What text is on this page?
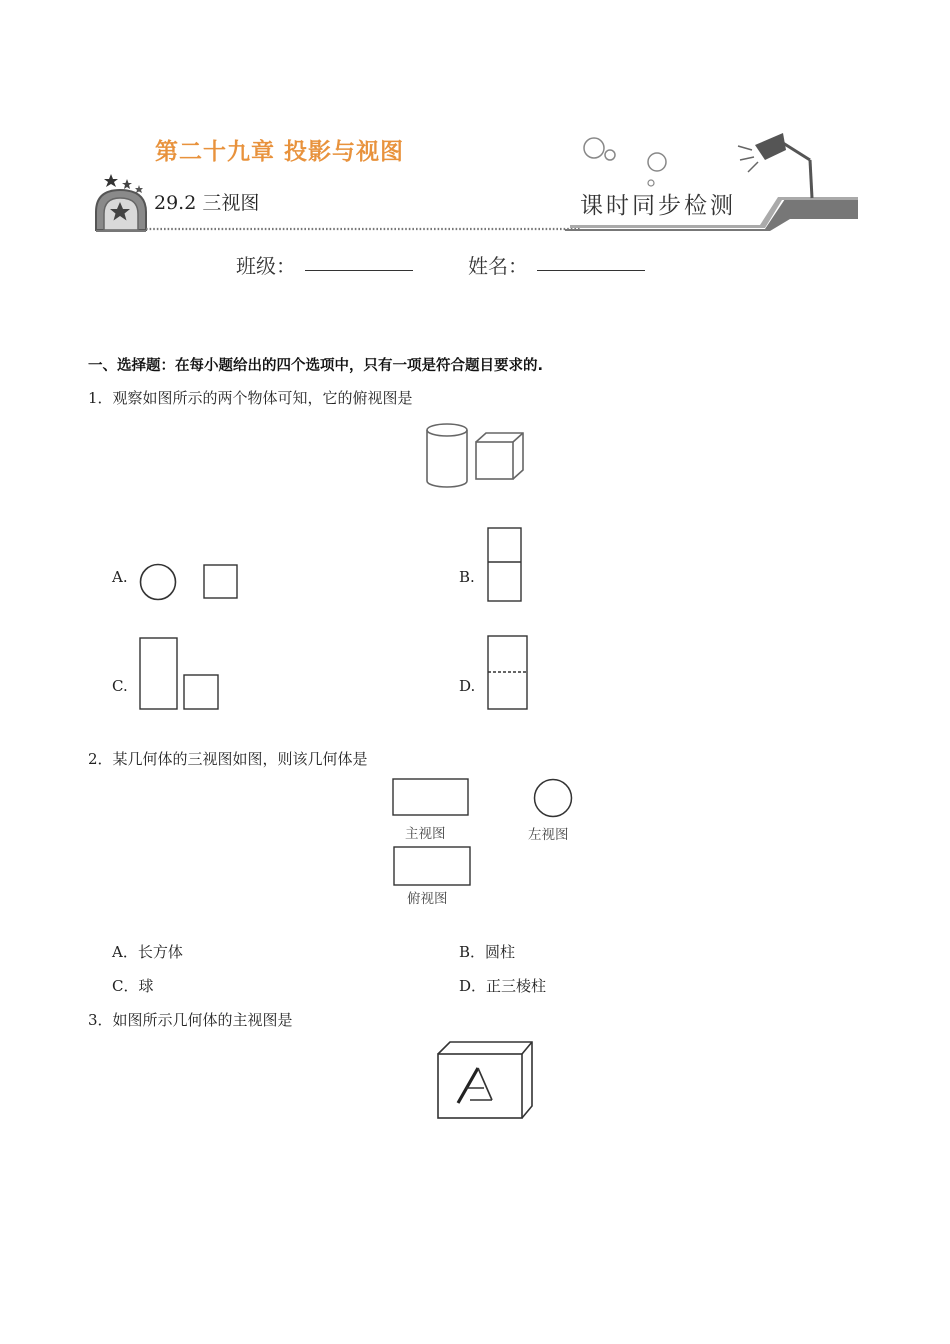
第二十九章 投影与视图
29.2 三视图	课时同步检测
班级：	姓名：
一、选择题：在每小题给出的四个选项中，只有一项是符合题目要求的.
1．观察如图所示的两个物体可知，它的俯视图是
A.	B.
C.	D.
2．某几何体的三视图如图，则该几何体是
主视图	左视图
俯视图
A．长方体	B．圆柱
C．球	D．正三棱柱
3．如图所示几何体的主视图是
